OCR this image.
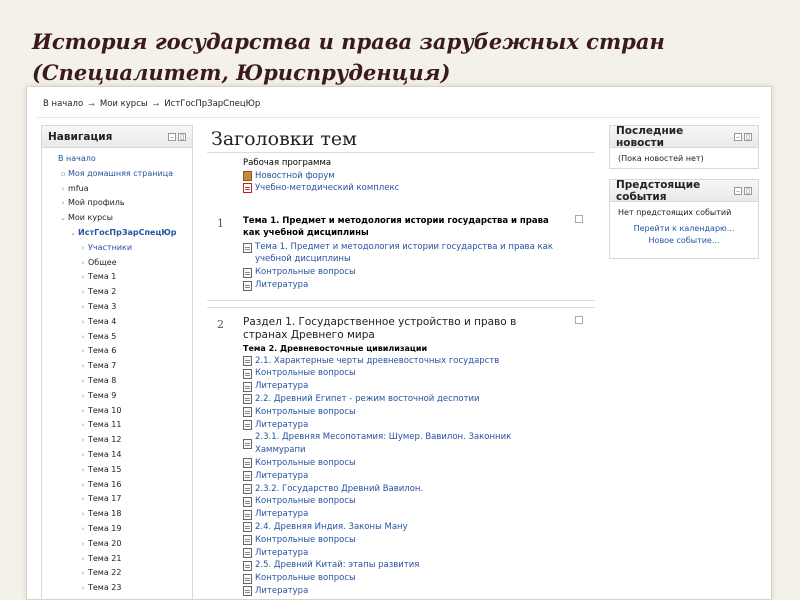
История государства и права зарубежных стран (Специалитет, Юриспруденция)
В начало → Мои курсы → ИстГосПрЗарСпецЮр
Навигация	– ▯
В начало
▫ Моя домашняя страница
› mfua
› Мой профиль
⌄ Мои курсы
⌄ ИстГосПрЗарСпецЮр
› Участники
› Общее
› Тема 1
› Тема 2
› Тема 3
› Тема 4
› Тема 5
› Тема 6
› Тема 7
› Тема 8
› Тема 9
› Тема 10
› Тема 11
› Тема 12
› Тема 14
› Тема 15
› Тема 16
› Тема 17
› Тема 18
› Тема 19
› Тема 20
› Тема 21
› Тема 22
› Тема 23
Заголовки тем
Рабочая программа
Новостной форум
Учебно-методический комплекс
1 Тема 1. Предмет и методология истории государства и права как учебной дисциплины
Тема 1. Предмет и методология истории государства и права как учебной дисциплины
Контрольные вопросы
Литература
2 Раздел 1. Государственное устройство и право в странах Древнего мира
Тема 2. Древневосточные цивилизации
2.1. Характерные черты древневосточных государств
Контрольные вопросы
Литература
2.2. Древний Египет - режим восточной деспотии
Контрольные вопросы
Литература
2.3.1. Древняя Месопотамия: Шумер. Вавилон. Законник Хаммурапи
Контрольные вопросы
Литература
2.3.2. Государство Древний Вавилон.
Контрольные вопросы
Литература
2.4. Древняя Индия. Законы Ману
Контрольные вопросы
Литература
2.5. Древний Китай: этапы развития
Контрольные вопросы
Литература
Последние новости	– ▯
(Пока новостей нет)
Предстоящие события	– ▯
Нет предстоящих событий
Перейти к календарю...
Новое событие...
